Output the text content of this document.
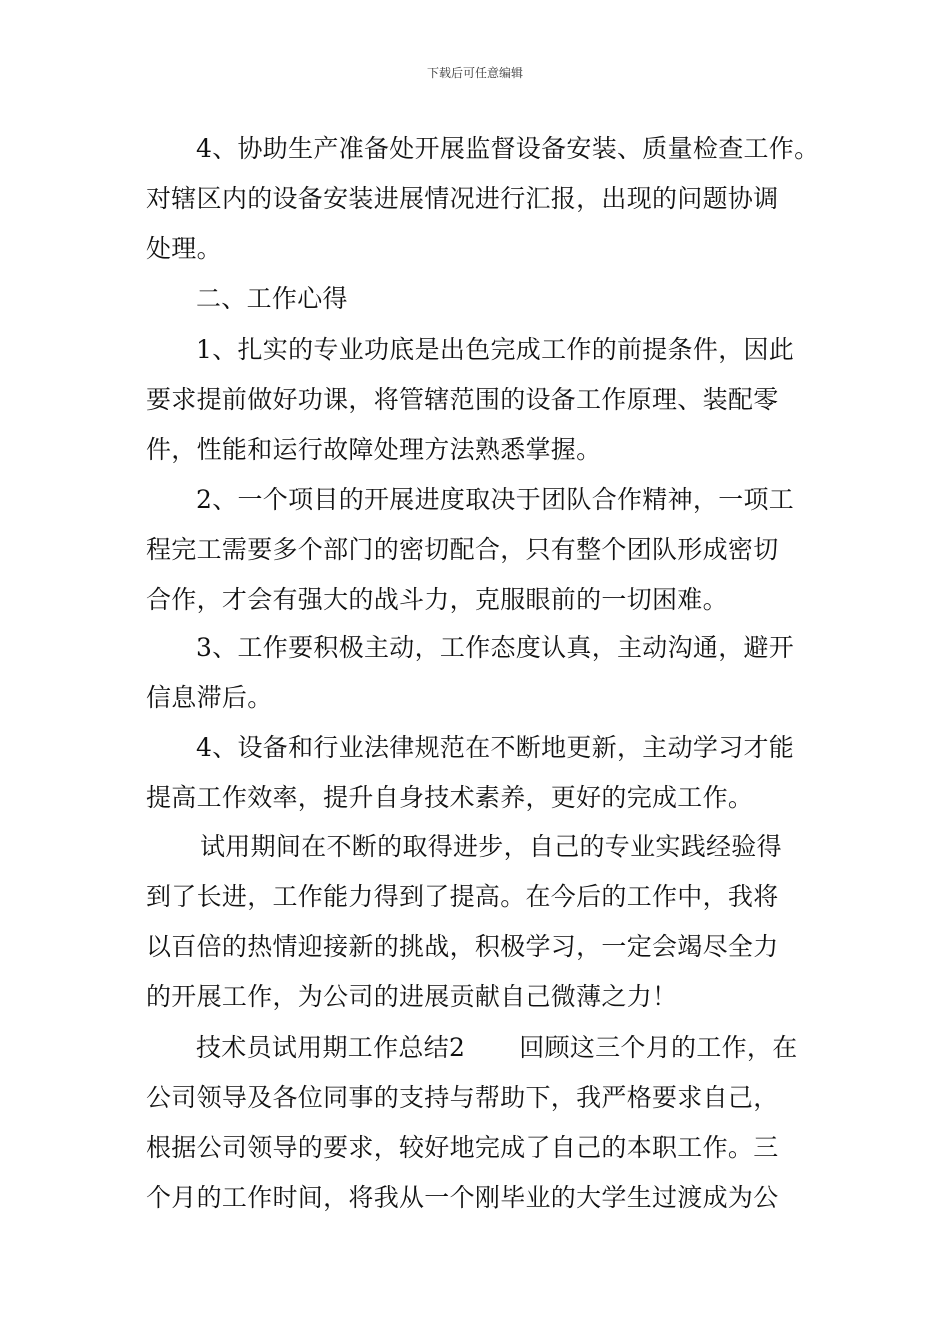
下载后可任意编辑
4、协助生产准备处开展监督设备安装、质量检查工作。
对辖区内的设备安装进展情况进行汇报，出现的问题协调
处理。
二、工作心得
1、扎实的专业功底是出色完成工作的前提条件，因此
要求提前做好功课，将管辖范围的设备工作原理、装配零
件，性能和运行故障处理方法熟悉掌握。
2、一个项目的开展进度取决于团队合作精神，一项工
程完工需要多个部门的密切配合，只有整个团队形成密切
合作，才会有强大的战斗力，克服眼前的一切困难。
3、工作要积极主动，工作态度认真，主动沟通，避开
信息滞后。
4、设备和行业法律规范在不断地更新，主动学习才能
提高工作效率，提升自身技术素养，更好的完成工作。
试用期间在不断的取得进步，自己的专业实践经验得
到了长进，工作能力得到了提高。在今后的工作中，我将
以百倍的热情迎接新的挑战，积极学习，一定会竭尽全力
的开展工作，为公司的进展贡献自己微薄之力！
技术员试用期工作总结2 回顾这三个月的工作，在
公司领导及各位同事的支持与帮助下，我严格要求自己，
根据公司领导的要求，较好地完成了自己的本职工作。三
个月的工作时间，将我从一个刚毕业的大学生过渡成为公
